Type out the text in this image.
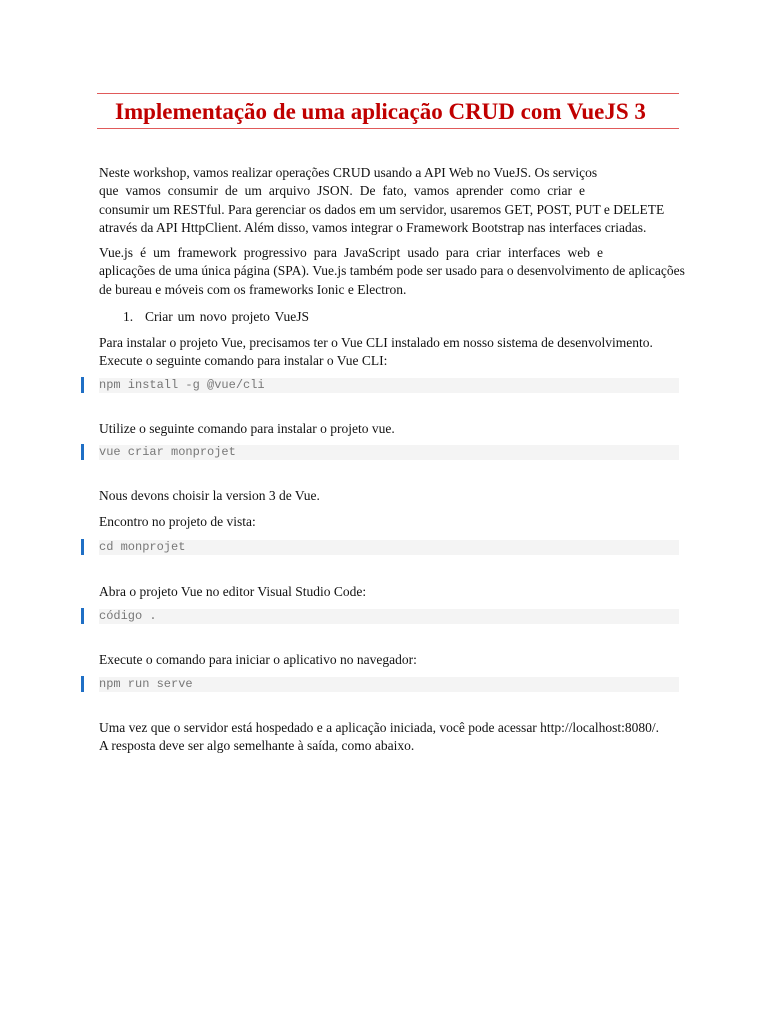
Implementação de uma aplicação CRUD com VueJS 3

Neste workshop, vamos realizar operações CRUD usando a API Web no VueJS. Os serviços
que vamos consumir de um arquivo JSON. De fato, vamos aprender como criar e
consumir um RESTful. Para gerenciar os dados em um servidor, usaremos GET, POST, PUT e DELETE
através da API HttpClient. Além disso, vamos integrar o Framework Bootstrap nas interfaces criadas.

Vue.js é um framework progressivo para JavaScript usado para criar interfaces web e
aplicações de uma única página (SPA). Vue.js também pode ser usado para o desenvolvimento de aplicações
de bureau e móveis com os frameworks Ionic e Electron.

1. Criar um novo projeto VueJS

Para instalar o projeto Vue, precisamos ter o Vue CLI instalado em nosso sistema de desenvolvimento.
Execute o seguinte comando para instalar o Vue CLI:

npm install -g @vue/cli

Utilize o seguinte comando para instalar o projeto vue.

vue criar monprojet

Nous devons choisir la version 3 de Vue.

Encontro no projeto de vista:

cd monprojet

Abra o projeto Vue no editor Visual Studio Code:

código .

Execute o comando para iniciar o aplicativo no navegador:

npm run serve

Uma vez que o servidor está hospedado e a aplicação iniciada, você pode acessar http://localhost:8080/.
A resposta deve ser algo semelhante à saída, como abaixo.
